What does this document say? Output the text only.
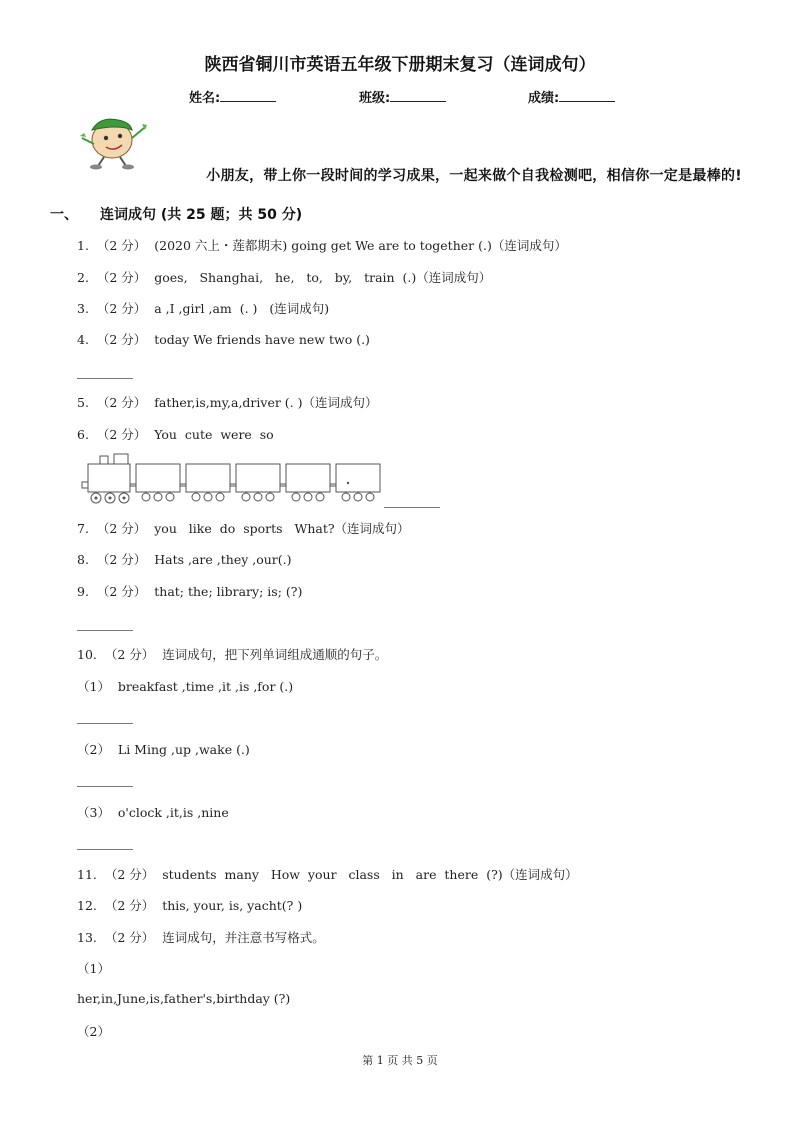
陕西省铜川市英语五年级下册期末复习（连词成句）
姓名:	班级:	成绩:
小朋友，带上你一段时间的学习成果，一起来做个自我检测吧，相信你一定是最棒的!
一、 连词成句 (共 25 题；共 50 分)
1.  （2 分）  (2020 六上・莲都期末) going get We are to together (.)（连词成句）
2.  （2 分）  goes,   Shanghai,   he,   to,   by,   train  (.)（连词成句）
3.  （2 分）  a ,I ,girl ,am  (. )   (连词成句)
4.  （2 分）  today We friends have new two (.)
5.  （2 分）  father,is,my,a,driver (. )（连词成句）
6.  （2 分）  You  cute  were  so
7.  （2 分）  you   like  do  sports   What?（连词成句）
8.  （2 分）  Hats ,are ,they ,our(.)
9.  （2 分）  that; the; library; is; (?)
10.  （2 分）  连词成句，把下列单词组成通顺的句子。
（1）  breakfast ,time ,it ,is ,for (.)
（2）  Li Ming ,up ,wake (.)
（3）  o'clock ,it,is ,nine
11.  （2 分）  students  many   How  your   class   in   are  there  (?)（连词成句）
12.  （2 分）  this, your, is, yacht(? )
13.  （2 分）  连词成句，并注意书写格式。
（1）
her,in,June,is,father's,birthday (?)
（2）
第 1 页 共 5 页
